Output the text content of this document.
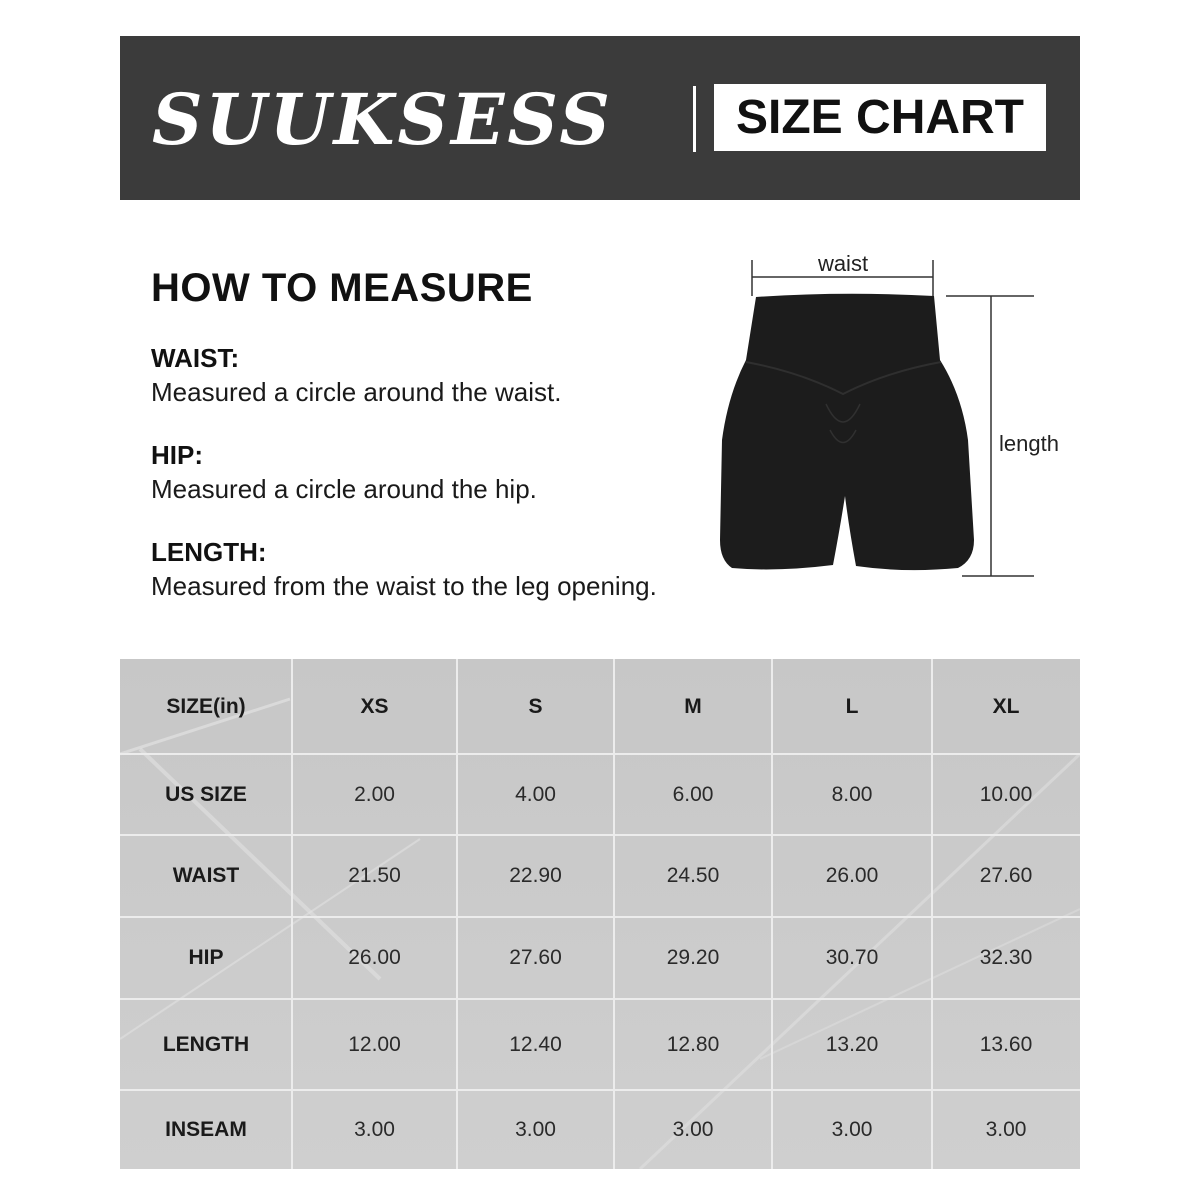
SUUKSESS	SIZE CHART
HOW TO MEASURE
WAIST:
Measured a circle around the waist.
HIP:
Measured a circle around the hip.
LENGTH:
Measured from the waist to the leg opening.
waist
length
SIZE(in)	XS	S	M	L	XL
US SIZE	2.00	4.00	6.00	8.00	10.00
WAIST	21.50	22.90	24.50	26.00	27.60
HIP	26.00	27.60	29.20	30.70	32.30
LENGTH	12.00	12.40	12.80	13.20	13.60
INSEAM	3.00	3.00	3.00	3.00	3.00
